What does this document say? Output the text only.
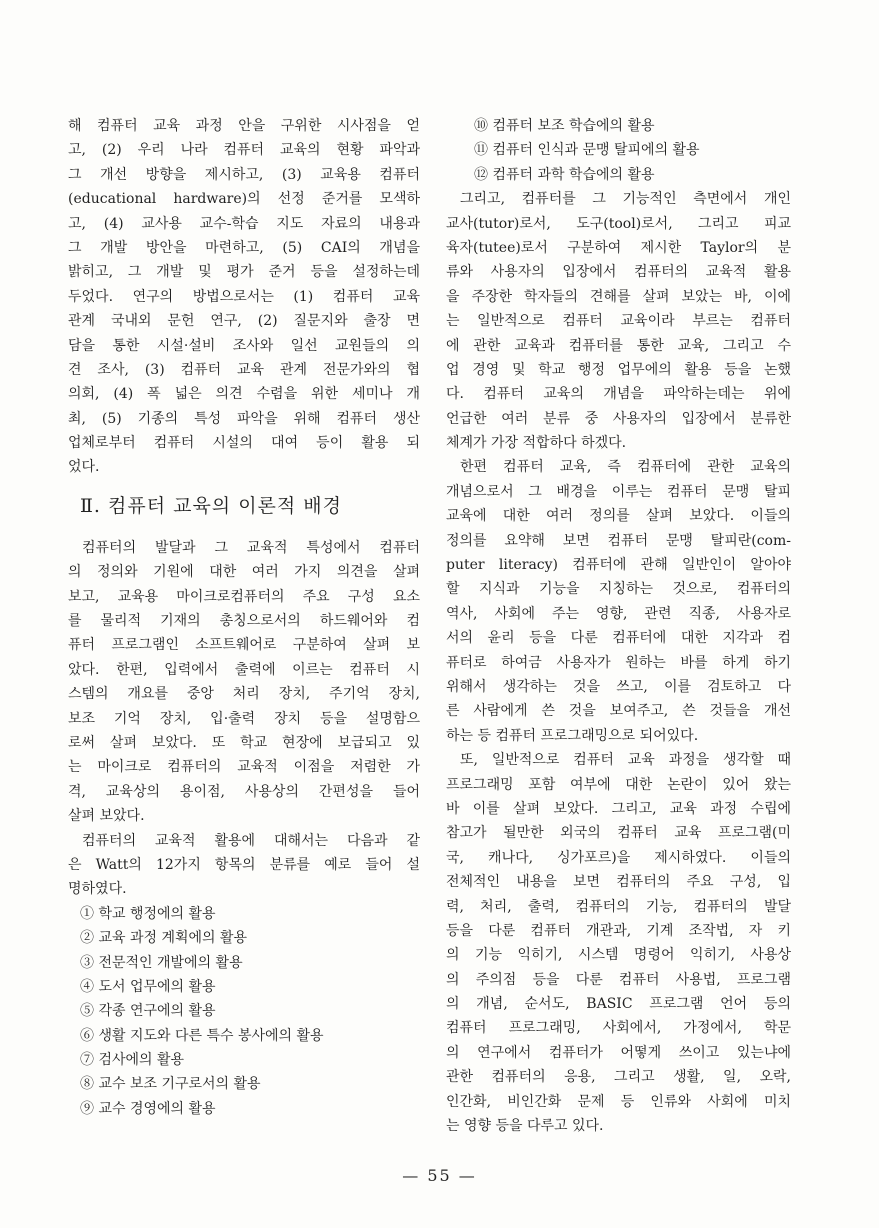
해 컴퓨터 교육 과정 안을 구위한 시사점을 얻
고, (2) 우리 나라 컴퓨터 교육의 현황 파악과
그 개선 방향을 제시하고, (3) 교육용 컴퓨터
(educational hardware)의 선정 준거를 모색하
고, (4) 교사용 교수-학습 지도 자료의 내용과
그 개발 방안을 마련하고, (5) CAI의 개념을
밝히고, 그 개발 및 평가 준거 등을 설정하는데
두었다. 연구의 방법으로서는 (1) 컴퓨터 교육
관계 국내외 문헌 연구, (2) 질문지와 출장 면
담을 통한 시설·설비 조사와 일선 교원들의 의
견 조사, (3) 컴퓨터 교육 관계 전문가와의 협
의회, (4) 폭 넓은 의견 수렴을 위한 세미나 개
최, (5) 기종의 특성 파악을 위해 컴퓨터 생산
업체로부터 컴퓨터 시설의 대여 등이 활용 되
었다.
Ⅱ. 컴퓨터 교육의 이론적 배경
컴퓨터의 발달과 그 교육적 특성에서 컴퓨터
의 정의와 기원에 대한 여러 가지 의견을 살펴
보고, 교육용 마이크로컴퓨터의 주요 구성 요소
를 물리적 기재의 총칭으로서의 하드웨어와 컴
퓨터 프로그램인 소프트웨어로 구분하여 살펴 보
았다. 한편, 입력에서 출력에 이르는 컴퓨터 시
스템의 개요를 중앙 처리 장치, 주기억 장치,
보조 기억 장치, 입·출력 장치 등을 설명함으
로써 살펴 보았다. 또 학교 현장에 보급되고 있
는 마이크로 컴퓨터의 교육적 이점을 저렴한 가
격, 교육상의 용이점, 사용상의 간편성을 들어
살펴 보았다.
컴퓨터의 교육적 활용에 대해서는 다음과 같
은 Watt의 12가지 항목의 분류를 예로 들어 설
명하였다.
① 학교 행정에의 활용
② 교육 과정 계획에의 활용
③ 전문적인 개발에의 활용
④ 도서 업무에의 활용
⑤ 각종 연구에의 활용
⑥ 생활 지도와 다른 특수 봉사에의 활용
⑦ 검사에의 활용
⑧ 교수 보조 기구로서의 활용
⑨ 교수 경영에의 활용
⑩ 컴퓨터 보조 학습에의 활용
⑪ 컴퓨터 인식과 문맹 탈피에의 활용
⑫ 컴퓨터 과학 학습에의 활용
그리고, 컴퓨터를 그 기능적인 측면에서 개인
교사(tutor)로서, 도구(tool)로서, 그리고 피교
육자(tutee)로서 구분하여 제시한 Taylor의 분
류와 사용자의 입장에서 컴퓨터의 교육적 활용
을 주장한 학자들의 견해를 살펴 보았는 바, 이에
는 일반적으로 컴퓨터 교육이라 부르는 컴퓨터
에 관한 교육과 컴퓨터를 통한 교육, 그리고 수
업 경영 및 학교 행정 업무에의 활용 등을 논했
다. 컴퓨터 교육의 개념을 파악하는데는 위에
언급한 여러 분류 중 사용자의 입장에서 분류한
체계가 가장 적합하다 하겠다.
한편 컴퓨터 교육, 즉 컴퓨터에 관한 교육의
개념으로서 그 배경을 이루는 컴퓨터 문맹 탈피
교육에 대한 여러 정의를 살펴 보았다. 이들의
정의를 요약해 보면 컴퓨터 문맹 탈피란(com-
puter literacy) 컴퓨터에 관해 일반인이 알아야
할 지식과 기능을 지칭하는 것으로, 컴퓨터의
역사, 사회에 주는 영향, 관련 직종, 사용자로
서의 윤리 등을 다룬 컴퓨터에 대한 지각과 컴
퓨터로 하여금 사용자가 원하는 바를 하게 하기
위해서 생각하는 것을 쓰고, 이를 검토하고 다
른 사람에게 쓴 것을 보여주고, 쓴 것들을 개선
하는 등 컴퓨터 프로그래밍으로 되어있다.
또, 일반적으로 컴퓨터 교육 과정을 생각할 때
프로그래밍 포함 여부에 대한 논란이 있어 왔는
바 이를 살펴 보았다. 그리고, 교육 과정 수립에
참고가 될만한 외국의 컴퓨터 교육 프로그램(미
국, 캐나다, 싱가포르)을 제시하였다. 이들의
전체적인 내용을 보면 컴퓨터의 주요 구성, 입
력, 처리, 출력, 컴퓨터의 기능, 컴퓨터의 발달
등을 다룬 컴퓨터 개관과, 기계 조작법, 자 키
의 기능 익히기, 시스템 명령어 익히기, 사용상
의 주의점 등을 다룬 컴퓨터 사용법, 프로그램
의 개념, 순서도, BASIC 프로그램 언어 등의
컴퓨터 프로그래밍, 사회에서, 가정에서, 학문
의 연구에서 컴퓨터가 어떻게 쓰이고 있는냐에
관한 컴퓨터의 응용, 그리고 생활, 일, 오락,
인간화, 비인간화 문제 등 인류와 사회에 미치
는 영향 등을 다루고 있다.
— 55 —
